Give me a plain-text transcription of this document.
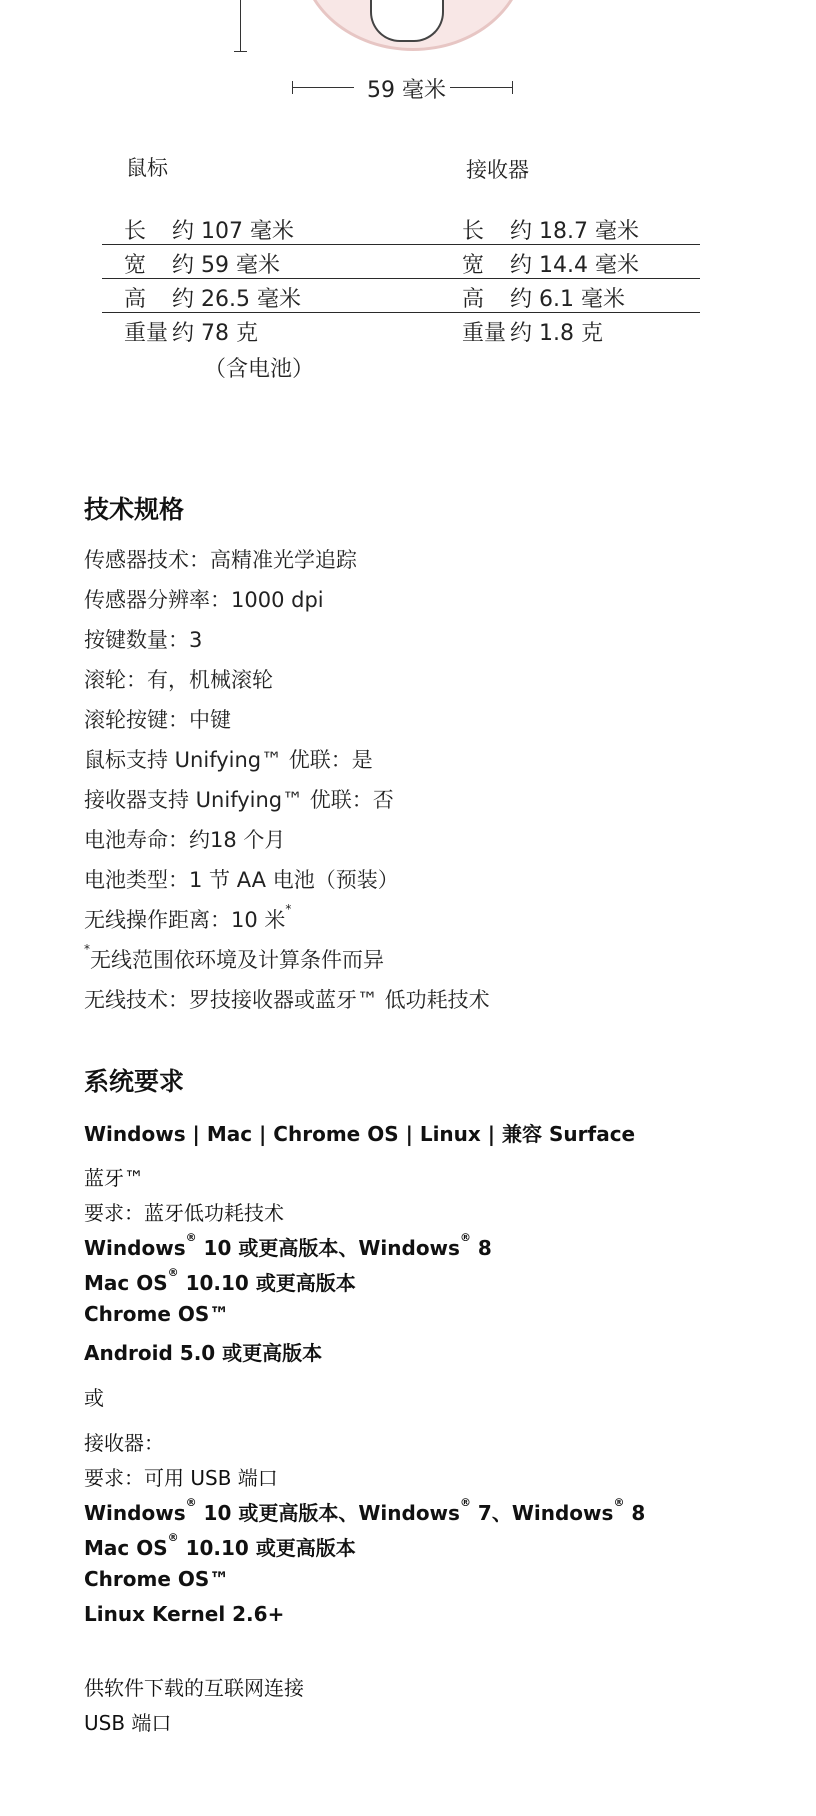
59 毫米
鼠标
长 约 107 毫米
宽 约 59 毫米
高 约 26.5 毫米
重量 约 78 克
（含电池）
接收器
长 约 18.7 毫米
宽 约 14.4 毫米
高 约 6.1 毫米
重量 约 1.8 克
技术规格
传感器技术：高精准光学追踪
传感器分辨率：1000 dpi
按键数量：3
滚轮：有，机械滚轮
滚轮按键：中键
鼠标支持 Unifying™ 优联：是
接收器支持 Unifying™ 优联：否
电池寿命：约18 个月
电池类型：1 节 AA 电池（预装）
无线操作距离：10 米*
*无线范围依环境及计算条件而异
无线技术：罗技接收器或蓝牙™ 低功耗技术
系统要求
Windows | Mac | Chrome OS | Linux | 兼容 Surface
蓝牙™
要求：蓝牙低功耗技术
Windows® 10 或更高版本、Windows® 8
Mac OS® 10.10 或更高版本
Chrome OS™
Android 5.0 或更高版本
或
接收器：
要求：可用 USB 端口
Windows® 10 或更高版本、Windows® 7、Windows® 8
Mac OS® 10.10 或更高版本
Chrome OS™
Linux Kernel 2.6+
供软件下载的互联网连接
USB 端口
